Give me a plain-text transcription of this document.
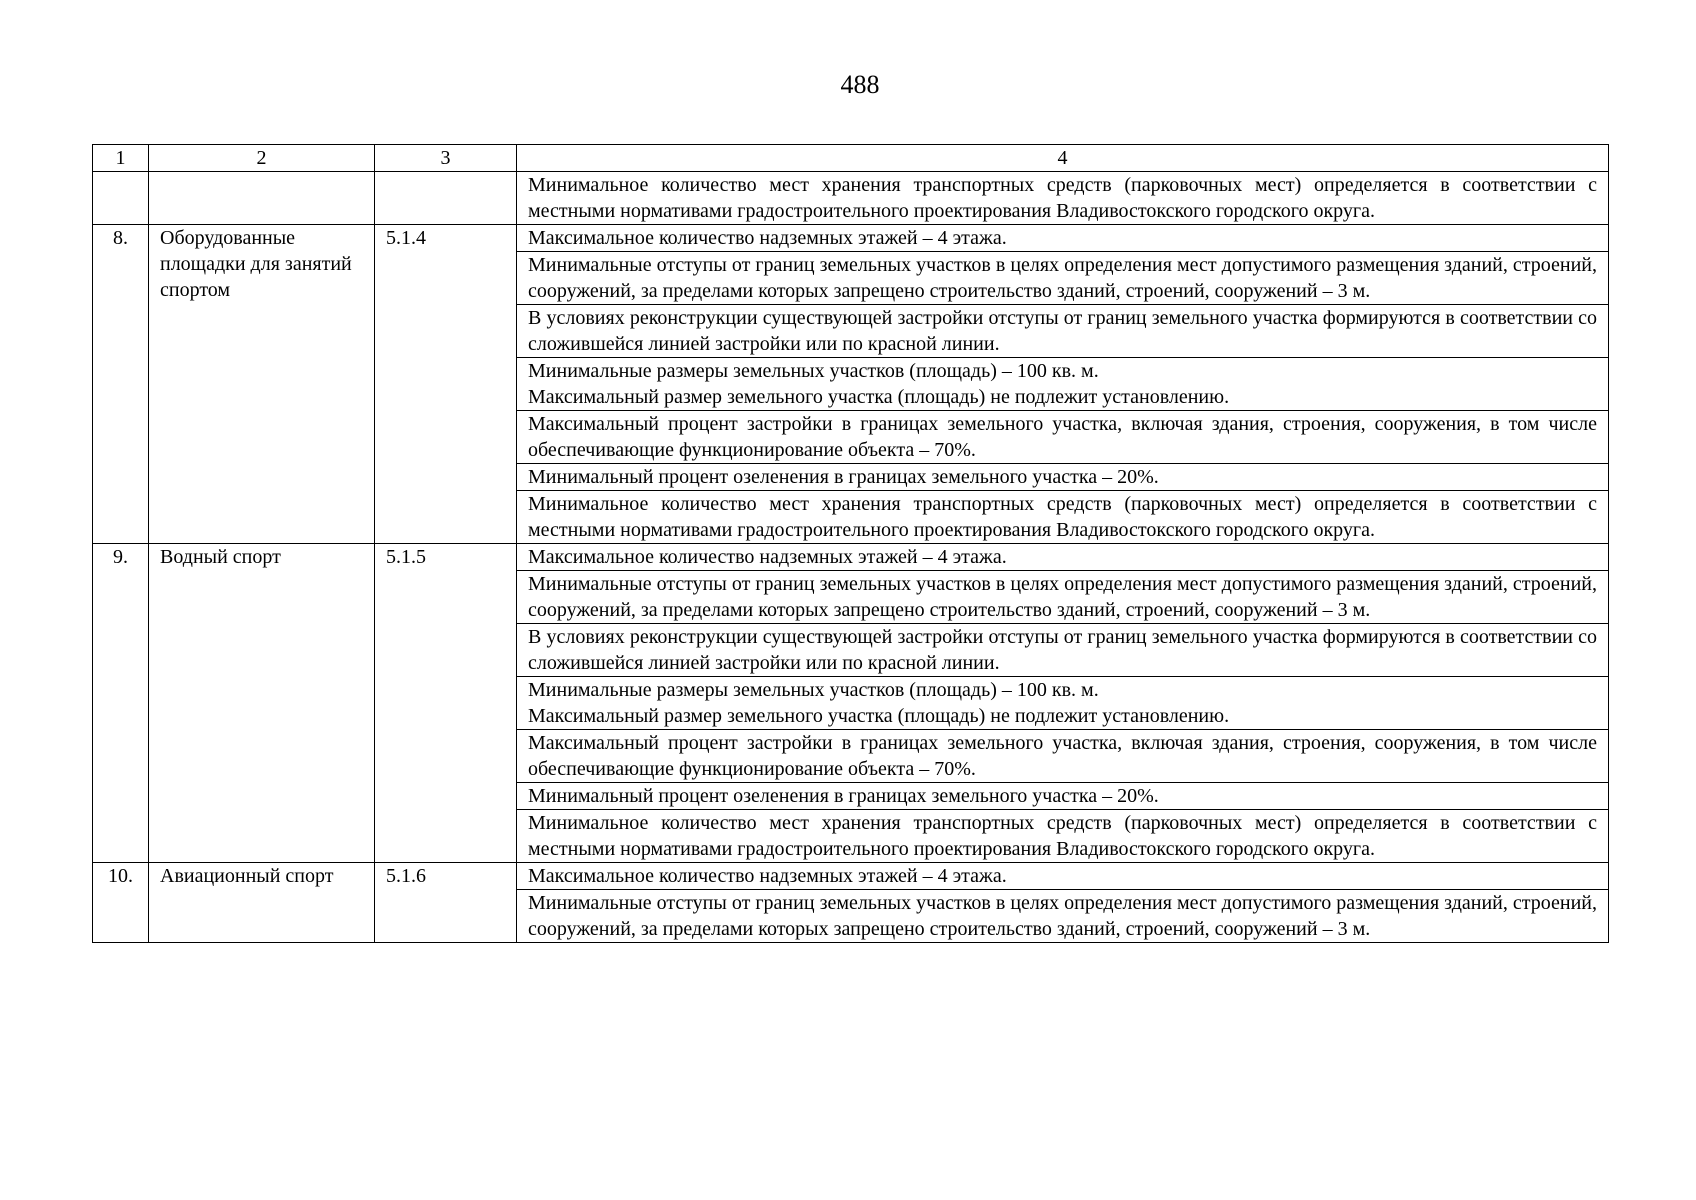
488
1	2	3	4
			Минимальное количество мест хранения транспортных средств (парковочных мест) определяется в соответствии с местными нормативами градостроительного проектирования Владивостокского городского округа.
8.	Оборудованные площадки для занятий спортом	5.1.4	Максимальное количество надземных этажей – 4 этажа.
			Минимальные отступы от границ земельных участков в целях определения мест допустимого размещения зданий, строений, сооружений, за пределами которых запрещено строительство зданий, строений, сооружений – 3 м.
			В условиях реконструкции существующей застройки отступы от границ земельного участка формируются в соответствии со сложившейся линией застройки или по красной линии.

			Минимальные размеры земельных участков (площадь) – 100 кв. м.
Максимальный размер земельного участка (площадь) не подлежит установлению.

			Максимальный процент застройки в границах земельного участка, включая здания, строения, сооружения, в том числе обеспечивающие функционирование объекта – 70%.
			Минимальный процент озеленения в границах земельного участка – 20%.
			Минимальное количество мест хранения транспортных средств (парковочных мест) определяется в соответствии с местными нормативами градостроительного проектирования Владивостокского городского округа.
9.	Водный спорт	5.1.5	Максимальное количество надземных этажей – 4 этажа.
			Минимальные отступы от границ земельных участков в целях определения мест допустимого размещения зданий, строений, сооружений, за пределами которых запрещено строительство зданий, строений, сооружений – 3 м.
			В условиях реконструкции существующей застройки отступы от границ земельного участка формируются в соответствии со сложившейся линией застройки или по красной линии.

			Минимальные размеры земельных участков (площадь) – 100 кв. м.
Максимальный размер земельного участка (площадь) не подлежит установлению.

			Максимальный процент застройки в границах земельного участка, включая здания, строения, сооружения, в том числе обеспечивающие функционирование объекта – 70%.
			Минимальный процент озеленения в границах земельного участка – 20%.
			Минимальное количество мест хранения транспортных средств (парковочных мест) определяется в соответствии с местными нормативами градостроительного проектирования Владивостокского городского округа.
10.	Авиационный спорт	5.1.6	Максимальное количество надземных этажей – 4 этажа.
			Минимальные отступы от границ земельных участков в целях определения мест допустимого размещения зданий, строений, сооружений, за пределами которых запрещено строительство зданий, строений, сооружений – 3 м.
